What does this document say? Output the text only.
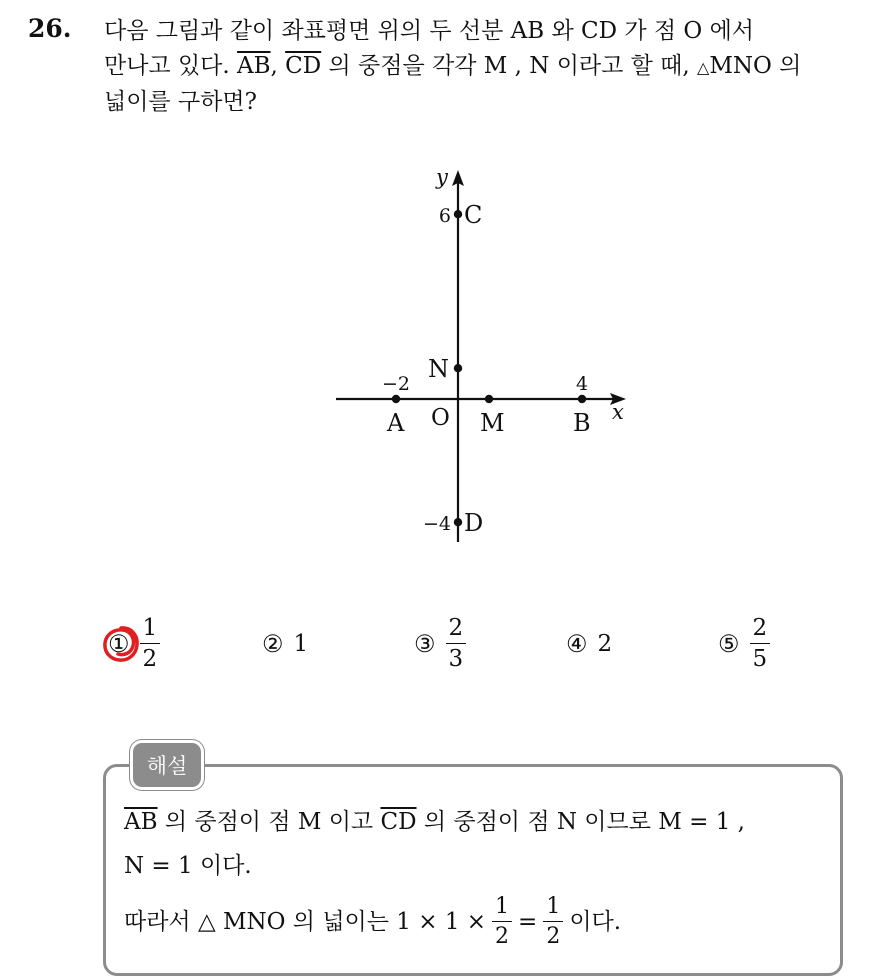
26. 다음 그림과 같이 좌표평면 위의 두 선분 AB 와 CD 가 점 O 에서

만나고 있다. $\overline{AB}$, $\overline{CD}$ 의 중점을 각각 M , N 이라고 할 때, △MNO 의

넓이를 구하면?

x
y
O
A
−2
B
4
C
6
D
−4
M
N
① $\frac{1}{2}$	② 1	③ $\frac{2}{3}$	④ 2	⑤ $\frac{2}{5}$
해설

$\overline{AB}$ 의 중점이 점 M 이고 $\overline{CD}$ 의 중점이 점 N 이므로 M = 1 ,

N = 1 이다.

따라서 △ MNO 의 넓이는 $1 \times 1 \times \frac{1}{2} = \frac{1}{2}$ 이다.
